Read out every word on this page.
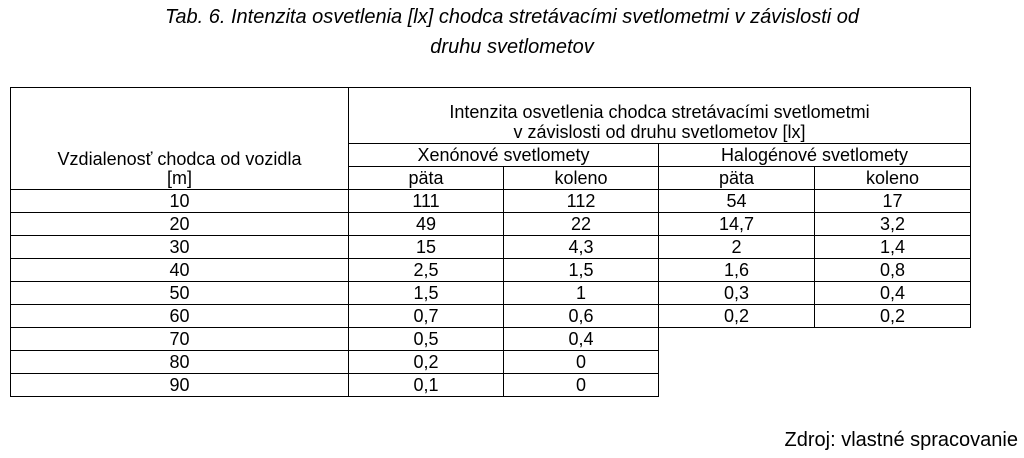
Tab. 6. Intenzita osvetlenia [lx] chodca stretávacími svetlometmi v závislosti od
druhu svetlometov

	Intenzita osvetlenia chodca stretávacími svetlometmi
v závislosti od druhu svetlometov [lx]			

Vzdialenosť chodca od vozidla
[m]	Xenónové svetlomety		Halogénové svetlomety	
	päta	koleno	päta	koleno
10	111	112	54	17
20	49	22	14,7	3,2
30	15	4,3	2	1,4
40	2,5	1,5	1,6	0,8
50	1,5	1	0,3	0,4
60	0,7	0,6	0,2	0,2
70	0,5	0,4		
80	0,2	0		
90	0,1	0		
Zdroj: vlastné spracovanie
